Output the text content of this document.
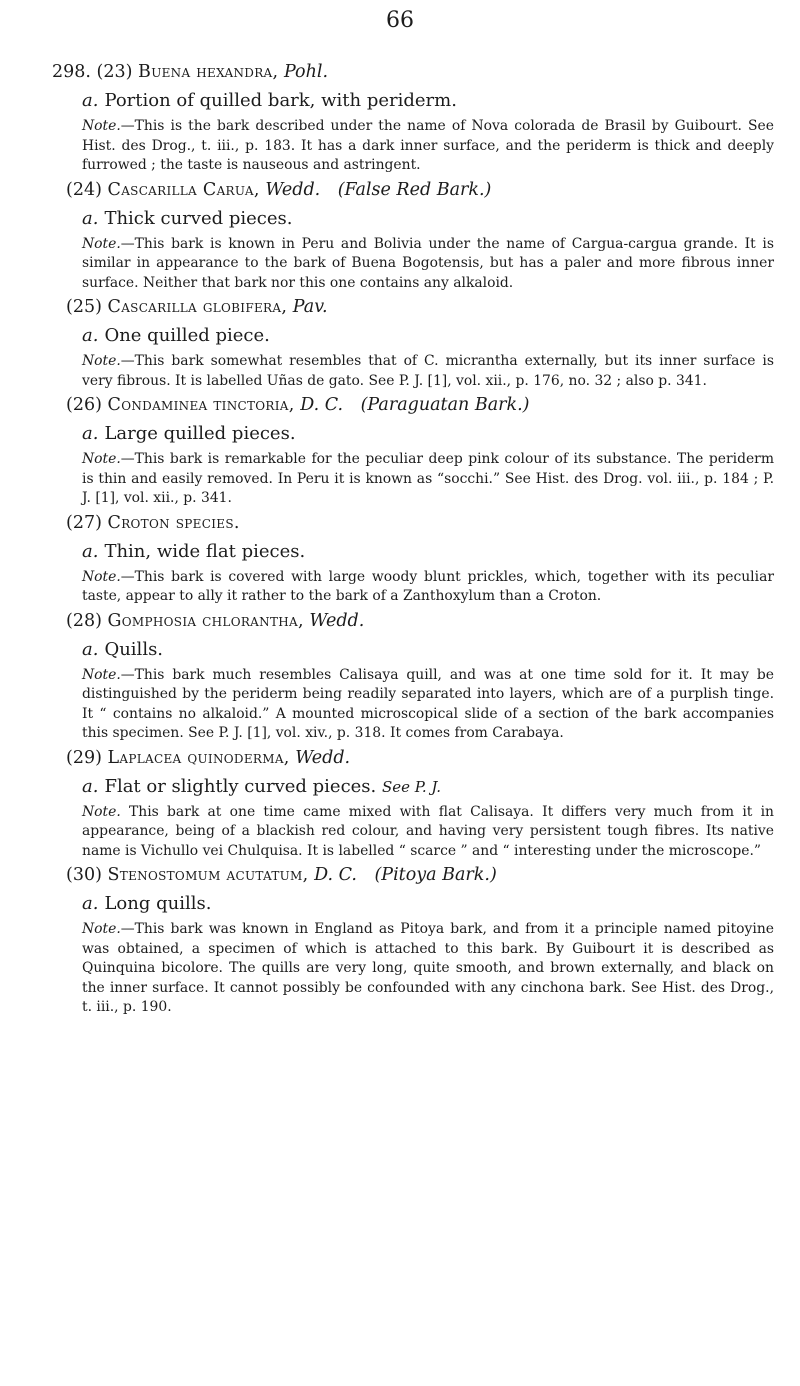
66
298. (23) Buena hexandra, Pohl. 
a. Portion of quilled bark, with periderm.

Note.—This is the bark described under the name of Nova colorada de Brasil by Guibourt. See Hist. des Drog., t. iii., p. 183. It has a dark inner surface, and the periderm is thick and deeply furrowed ; the taste is nauseous and astringent.

(24) Cascarilla Carua, Wedd.  (False Red Bark.)
a. Thick curved pieces.

Note.—This bark is known in Peru and Bolivia under the name of Cargua-cargua grande. It is similar in appearance to the bark of Buena Bogotensis, but has a paler and more fibrous inner surface. Neither that bark nor this one contains any alkaloid.

(25) Cascarilla globifera, Pav. 
a. One quilled piece.

Note.—This bark somewhat resembles that of C. micrantha externally, but its inner surface is very fibrous. It is labelled Uñas de gato. See P. J. [1], vol. xii., p. 176, no. 32 ; also p. 341.

(26) Condaminea tinctoria, D. C.  (Paraguatan Bark.)
a. Large quilled pieces.

Note.—This bark is remarkable for the peculiar deep pink colour of its substance. The periderm is thin and easily removed. In Peru it is known as “socchi.” See Hist. des Drog. vol. iii., p. 184 ; P. J. [1], vol. xii., p. 341.

(27) Croton species.  
a. Thin, wide flat pieces.

Note.—This bark is covered with large woody blunt prickles, which, together with its peculiar taste, appear to ally it rather to the bark of a Zanthoxylum than a Croton.

(28) Gomphosia chlorantha, Wedd. 
a. Quills.

Note.—This bark much resembles Calisaya quill, and was at one time sold for it. It may be distinguished by the periderm being readily separated into layers, which are of a purplish tinge. It “ contains no alkaloid.” A mounted microscopical slide of a section of the bark accompanies this specimen. See P. J. [1], vol. xiv., p. 318. It comes from Carabaya.

(29) Laplacea quinoderma, Wedd. 
a. Flat or slightly curved pieces. See P. J.

Note. This bark at one time came mixed with flat Calisaya. It differs very much from it in appearance, being of a blackish red colour, and having very persistent tough fibres. Its native name is Vichullo vei Chulquisa. It is labelled “ scarce ” and “ interesting under the microscope.”

(30) Stenostomum acutatum, D. C.  (Pitoya Bark.)
a. Long quills.

Note.—This bark was known in England as Pitoya bark, and from it a principle named pitoyine was obtained, a specimen of which is attached to this bark. By Guibourt it is described as Quinquina bicolore. The quills are very long, quite smooth, and brown externally, and black on the inner surface. It cannot possibly be confounded with any cinchona bark. See Hist. des Drog., t. iii., p. 190.
